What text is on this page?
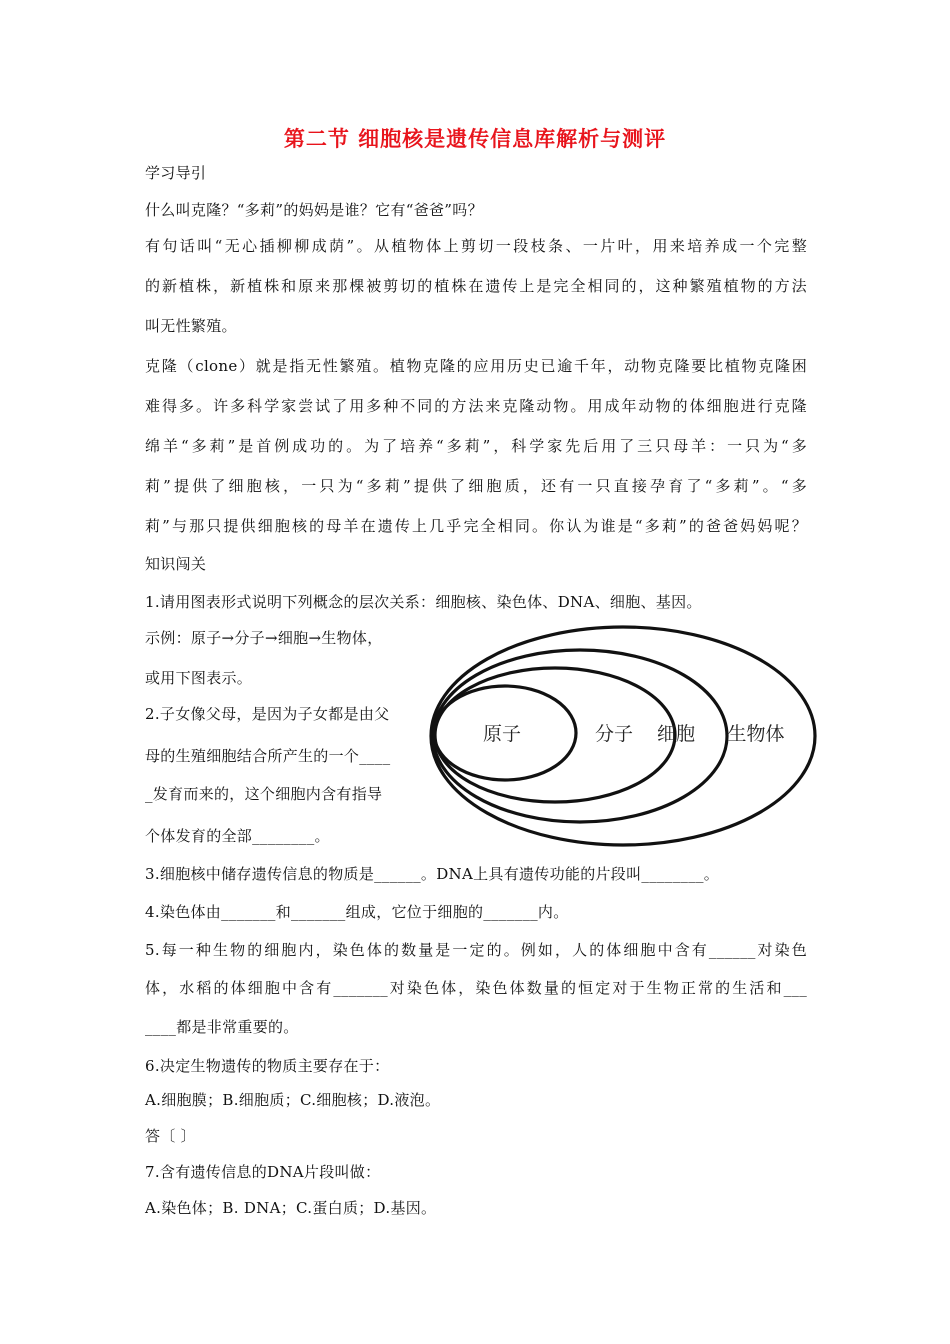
第二节 细胞核是遗传信息库解析与测评
学习导引
什么叫克隆？“多莉”的妈妈是谁？它有“爸爸”吗？
有句话叫“无心插柳柳成荫”。从植物体上剪切一段枝条、一片叶，用来培养成一个完整
的新植株，新植株和原来那棵被剪切的植株在遗传上是完全相同的，这种繁殖植物的方法
叫无性繁殖。
克隆（clone）就是指无性繁殖。植物克隆的应用历史已逾千年，动物克隆要比植物克隆困
难得多。许多科学家尝试了用多种不同的方法来克隆动物。用成年动物的体细胞进行克隆
绵羊“多莉”是首例成功的。为了培养“多莉”，科学家先后用了三只母羊：一只为“多
莉”提供了细胞核，一只为“多莉”提供了细胞质，还有一只直接孕育了“多莉”。“多
莉”与那只提供细胞核的母羊在遗传上几乎完全相同。你认为谁是“多莉”的爸爸妈妈呢？
知识闯关
1.请用图表形式说明下列概念的层次关系：细胞核、染色体、DNA、细胞、基因。
示例：原子→分子→细胞→生物体，
或用下图表示。
2.子女像父母，是因为子女都是由父
母的生殖细胞结合所产生的一个____
_发育而来的，这个细胞内含有指导
个体发育的全部________。
3.细胞核中储存遗传信息的物质是______。DNA上具有遗传功能的片段叫________。
4.染色体由_______和_______组成，它位于细胞的_______内。
5.每一种生物的细胞内，染色体的数量是一定的。例如，人的体细胞中含有______对染色
体，水稻的体细胞中含有_______对染色体，染色体数量的恒定对于生物正常的生活和___
____都是非常重要的。
6.决定生物遗传的物质主要存在于：
A.细胞膜；B.细胞质；C.细胞核；D.液泡。
答〔 〕
7.含有遗传信息的DNA片段叫做：
A.染色体；B. DNA；C.蛋白质；D.基因。
原子	分子 细胞 生物体
